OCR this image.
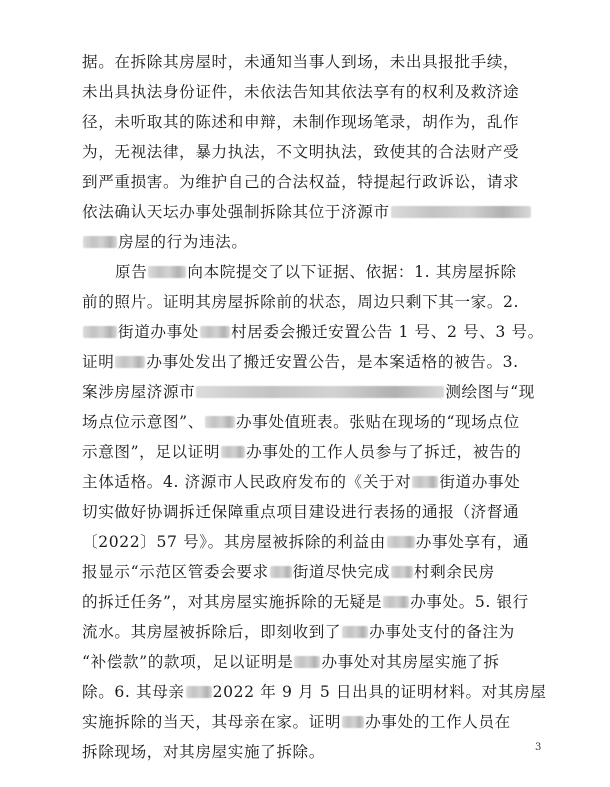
据。在拆除其房屋时，未通知当事人到场，未出具报批手续，
未出具执法身份证件，未依法告知其依法享有的权利及救济途
径，未听取其的陈述和申辩，未制作现场笔录，胡作为，乱作
为，无视法律，暴力执法，不文明执法，致使其的合法财产受
到严重损害。为维护自己的合法权益，特提起行政诉讼，请求
依法确认天坛办事处强制拆除其位于济源市
房屋的行为违法。
原告	向本院提交了以下证据、依据：1. 其房屋拆除
前的照片。证明其房屋拆除前的状态，周边只剩下其一家。2.
街道办事处 村居委会搬迁安置公告 1 号、2 号、3 号。
证明 办事处发出了搬迁安置公告，是本案适格的被告。3.
案涉房屋济源市	测绘图与“现
场点位示意图”、 办事处值班表。张贴在现场的“现场点位
示意图”，足以证明 办事处的工作人员参与了拆迁，被告的
主体适格。4. 济源市人民政府发布的《关于对 街道办事处
切实做好协调拆迁保障重点项目建设进行表扬的通报（济督通
〔2022〕57 号》。其房屋被拆除的利益由 办事处享有，通
报显示“示范区管委会要求 街道尽快完成 村剩余民房
的拆迁任务”，对其房屋实施拆除的无疑是 办事处。5. 银行
流水。其房屋被拆除后，即刻收到了 办事处支付的备注为
“补偿款”的款项，足以证明是 办事处对其房屋实施了拆
除。6. 其母亲 2022 年 9 月 5 日出具的证明材料。对其房屋
实施拆除的当天，其母亲在家。证明 办事处的工作人员在
拆除现场，对其房屋实施了拆除。	3
